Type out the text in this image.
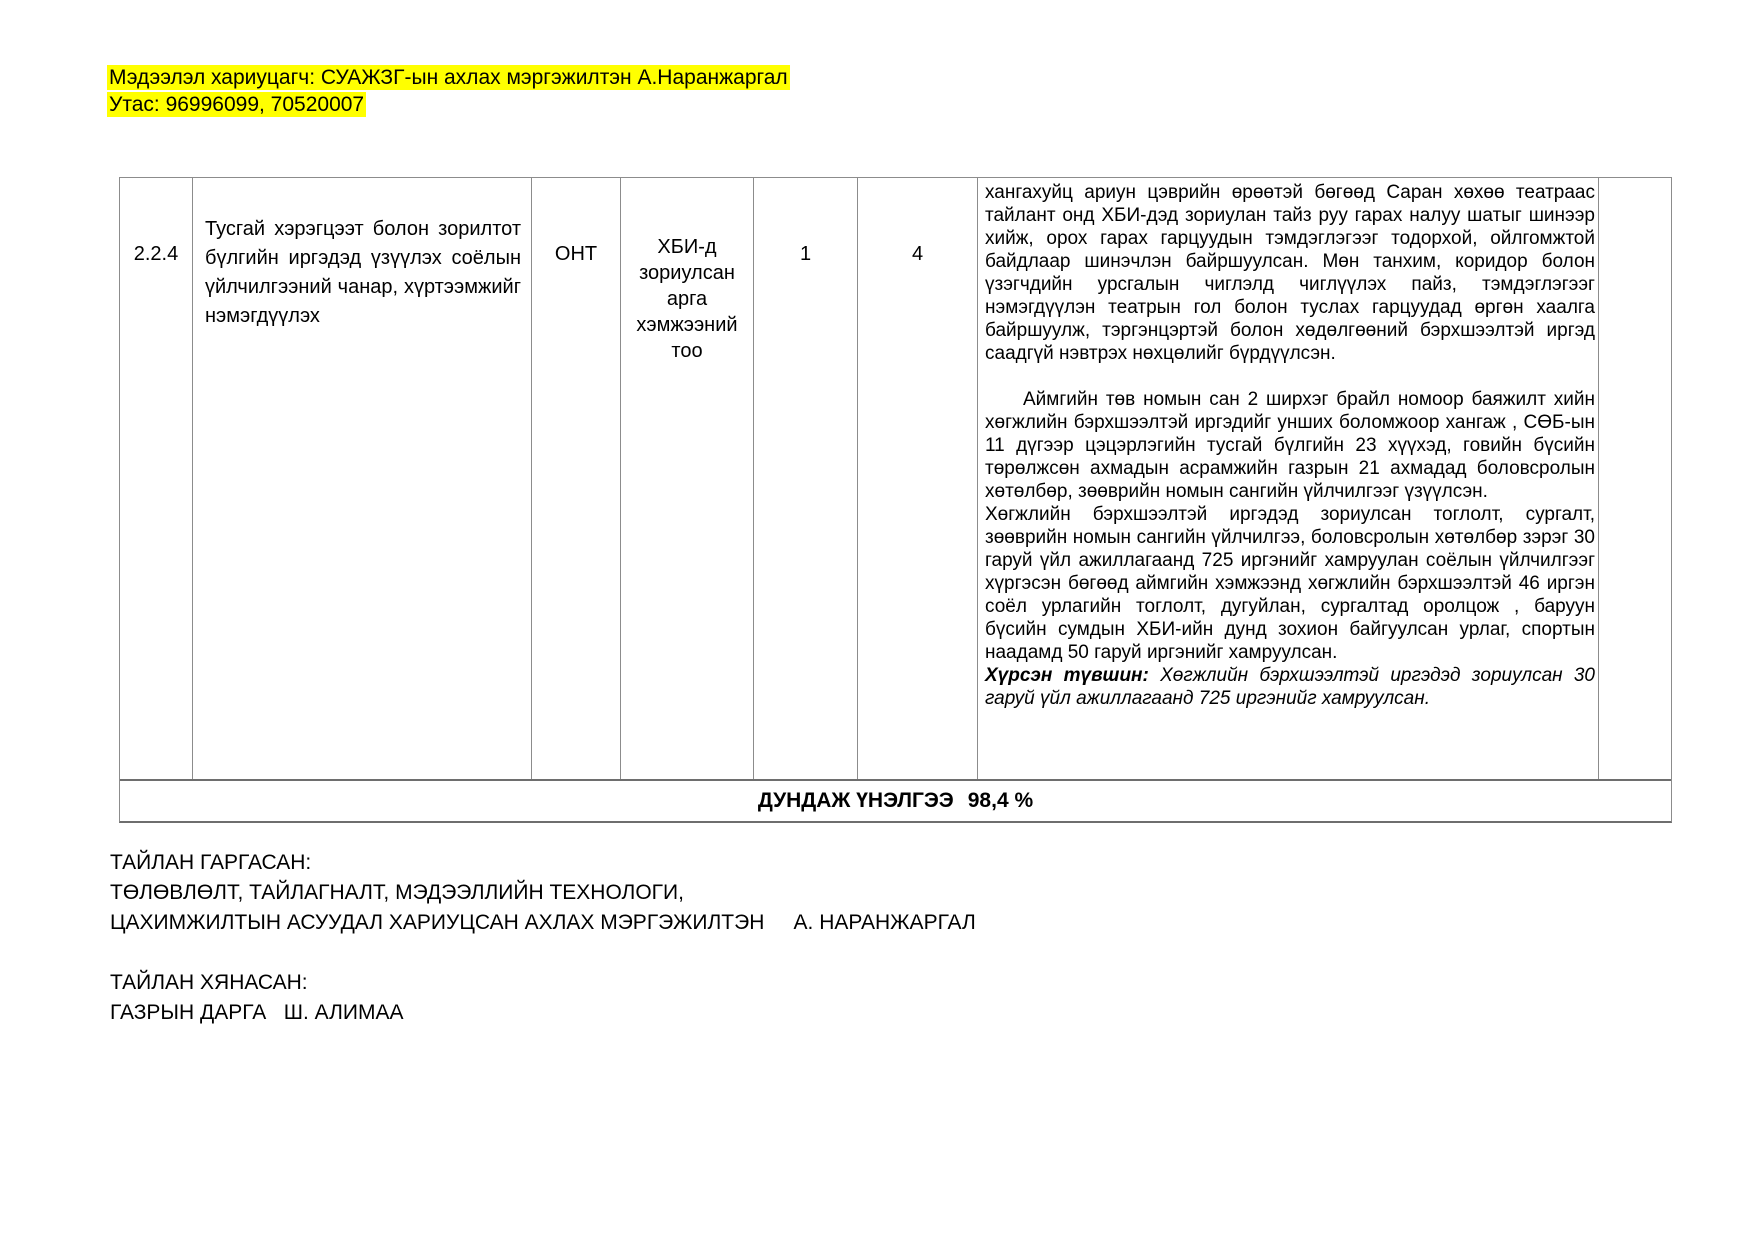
Мэдээлэл хариуцагч: СУАЖЗГ-ын ахлах мэргэжилтэн А.Наранжаргал
Утас: 96996099, 70520007
2.2.4
Тусгай хэрэгцээт болон зорилтот бүлгийн иргэдэд үзүүлэх соёлын үйлчилгээний чанар, хүртээмжийг нэмэгдүүлэх
ОНТ	ХБИ-д зориулсан арга хэмжээний тоо
1	4

хангахуйц ариун цэврийн өрөөтэй бөгөөд Саран хөхөө театраас тайлант онд ХБИ-дэд зориулан тайз руу гарах налуу шатыг шинээр хийж, орох гарах гарцуудын тэмдэглэгээг тодорхой, ойлгомжтой байдлаар шинэчлэн байршуулсан. Мөн танхим, коридор болон үзэгчдийн урсгалын чиглэлд чиглүүлэх пайз, тэмдэглэгээг нэмэгдүүлэн театрын гол болон туслах гарцуудад өргөн хаалга байршуулж, тэргэнцэртэй болон хөдөлгөөний бэрхшээлтэй иргэд саадгүй нэвтрэх нөхцөлийг бүрдүүлсэн.

Аймгийн төв номын сан 2 ширхэг брайл номоор баяжилт хийн хөгжлийн бэрхшээлтэй иргэдийг унших боломжоор хангаж , СӨБ-ын 11 дүгээр цэцэрлэгийн тусгай бүлгийн 23 хүүхэд, говийн бүсийн төрөлжсөн ахмадын асрамжийн газрын 21 ахмадад боловсролын хөтөлбөр, зөөврийн номын сангийн үйлчилгээг үзүүлсэн.

Хөгжлийн бэрхшээлтэй иргэдэд зориулсан тоглолт, сургалт, зөөврийн номын сангийн үйлчилгээ, боловсролын хөтөлбөр зэрэг 30 гаруй үйл ажиллагаанд 725 иргэнийг хамруулан соёлын үйлчилгээг хүргэсэн бөгөөд аймгийн хэмжээнд хөгжлийн бэрхшээлтэй 46 иргэн соёл урлагийн тоглолт, дугуйлан, сургалтад оролцож , баруун бүсийн сумдын ХБИ-ийн дунд зохион байгуулсан урлаг, спортын наадамд 50 гаруй иргэнийг хамруулсан.

Хүрсэн түвшин: Хөгжлийн бэрхшээлтэй иргэдэд зориулсан 30 гаруй үйл ажиллагаанд 725 иргэнийг хамруулсан.

ДУНДАЖ ҮНЭЛГЭЭ 98,4 %
ТАЙЛАН ГАРГАСАН:
ТӨЛӨВЛӨЛТ, ТАЙЛАГНАЛТ, МЭДЭЭЛЛИЙН ТЕХНОЛОГИ,
ЦАХИМЖИЛТЫН АСУУДАЛ ХАРИУЦСАН АХЛАХ МЭРГЭЖИЛТЭН     А. НАРАНЖАРГАЛ
ТАЙЛАН ХЯНАСАН:
ГАЗРЫН ДАРГА   Ш. АЛИМАА
